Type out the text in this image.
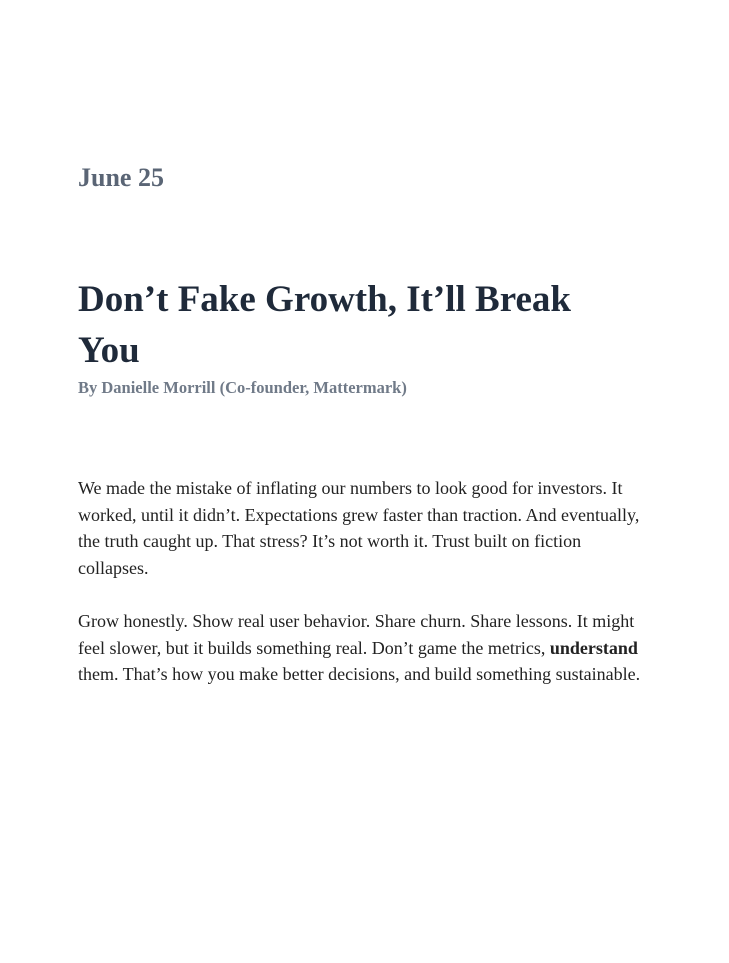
June 25
Don’t Fake Growth, It’ll Break You
By Danielle Morrill (Co-founder, Mattermark)

We made the mistake of inflating our numbers to look good for investors. It worked, until it didn’t. Expectations grew faster than traction. And eventually, the truth caught up. That stress? It’s not worth it. Trust built on fiction collapses.

Grow honestly. Show real user behavior. Share churn. Share lessons. It might feel slower, but it builds something real. Don’t game the metrics, understand them. That’s how you make better decisions, and build something sustainable.
